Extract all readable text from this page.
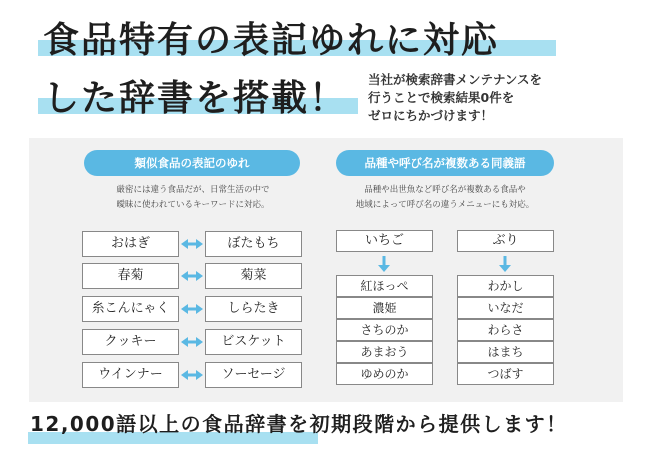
食品特有の表記ゆれに対応
した辞書を搭載！ 当社が検索辞書メンテナンスを
行うことで検索結果0件を
ゼロにちかづけます！
類似食品の表記のゆれ
厳密には違う食品だが、日常生活の中で
曖昧に使われているキーワードに対応。
おはぎ	ぼたもち
春菊	菊菜
糸こんにゃく	しらたき
クッキー	ビスケット
ウインナー	ソーセージ
品種や呼び名が複数ある同義語
品種や出世魚など呼び名が複数ある食品や
地域によって呼び名の違うメニューにも対応。
いちご
紅ほっぺ
濃姫
さちのか
あまおう
ゆめのか
ぶり
わかし
いなだ
わらさ
はまち
つばす
12,000語以上の食品辞書を初期段階から提供します！
